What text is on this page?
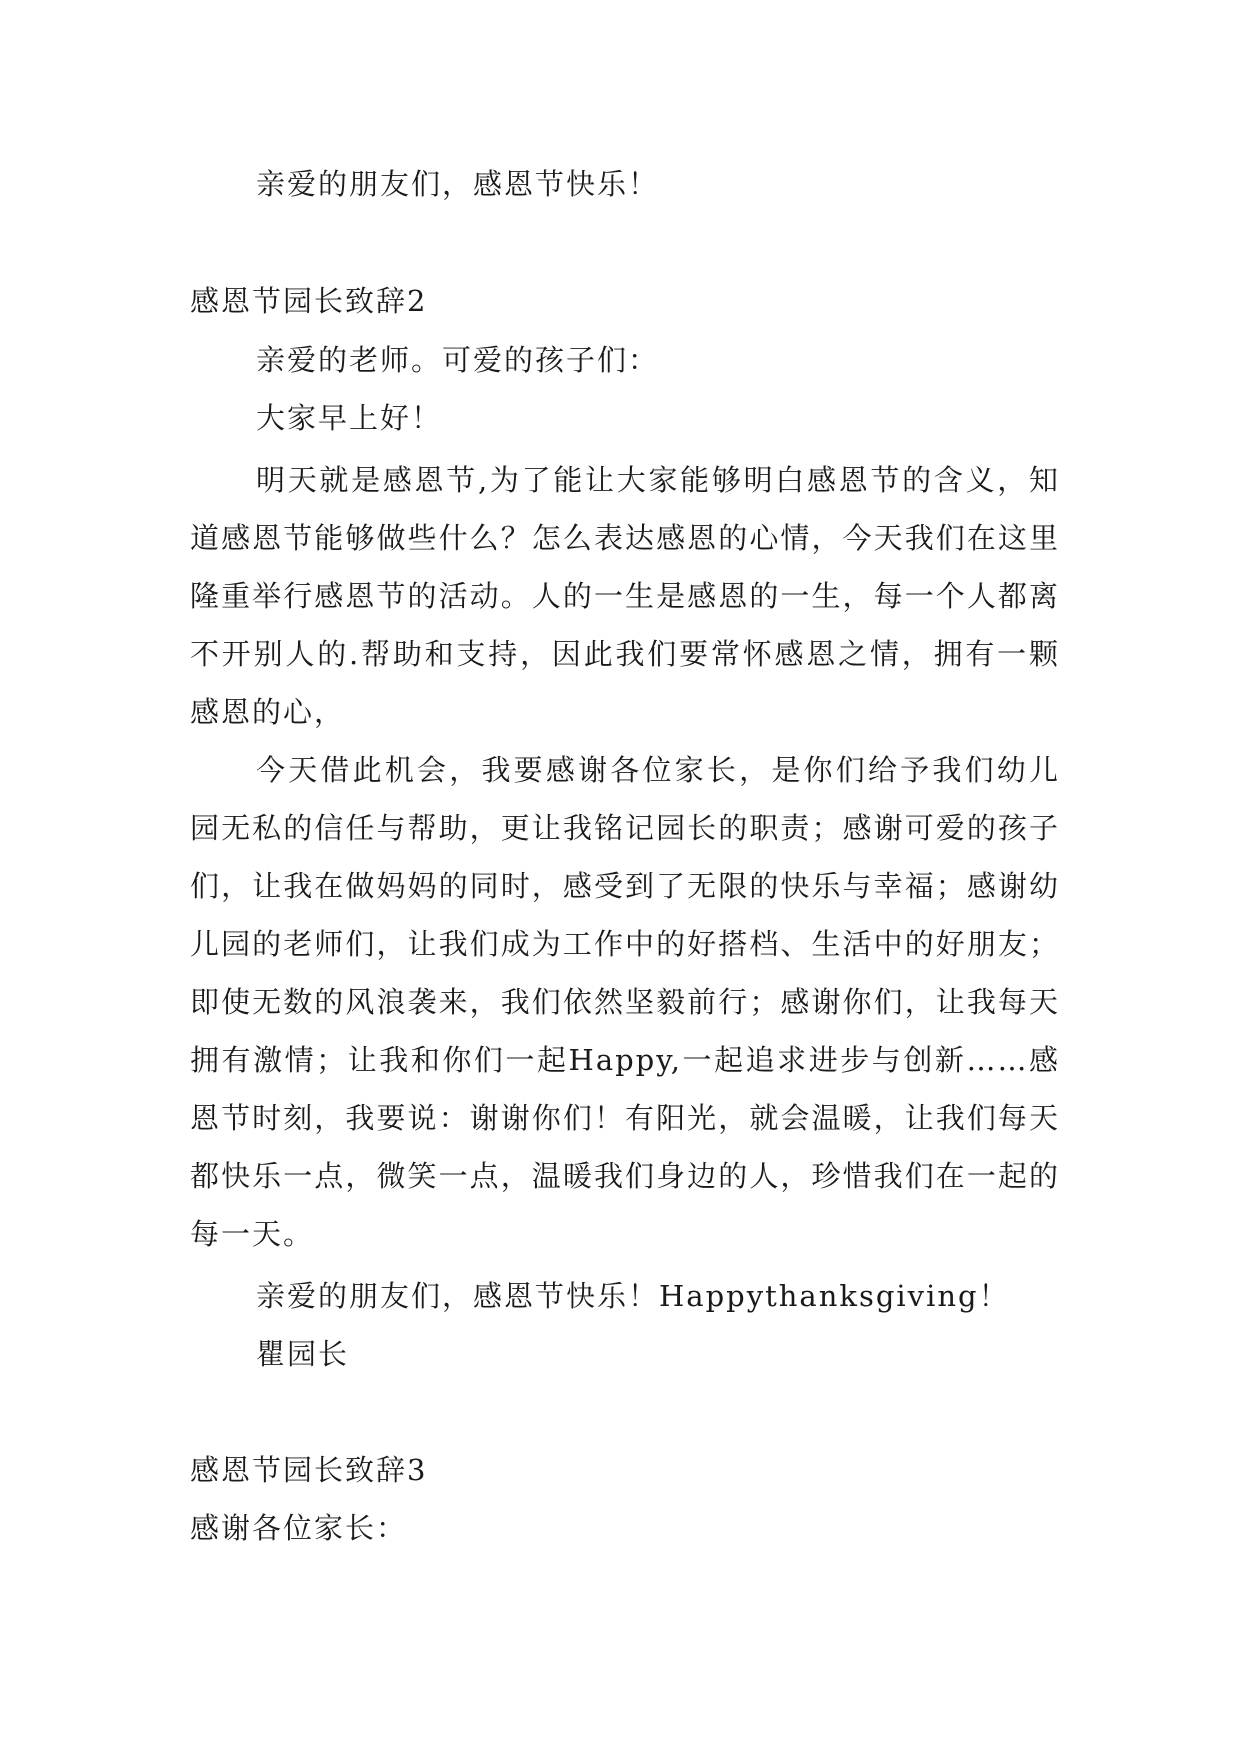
亲爱的朋友们，感恩节快乐！
感恩节园长致辞2
亲爱的老师。可爱的孩子们：
大家早上好！
明天就是感恩节,为了能让大家能够明白感恩节的含义，知道感恩节能够做些什么？怎么表达感恩的心情，今天我们在这里隆重举行感恩节的活动。人的一生是感恩的一生，每一个人都离不开别人的.帮助和支持，因此我们要常怀感恩之情，拥有一颗感恩的心，
今天借此机会，我要感谢各位家长，是你们给予我们幼儿园无私的信任与帮助，更让我铭记园长的职责；感谢可爱的孩子们，让我在做妈妈的同时，感受到了无限的快乐与幸福；感谢幼儿园的老师们，让我们成为工作中的好搭档、生活中的好朋友；即使无数的风浪袭来，我们依然坚毅前行；感谢你们，让我每天拥有激情；让我和你们一起Happy,一起追求进步与创新……感恩节时刻，我要说：谢谢你们！有阳光，就会温暖，让我们每天都快乐一点，微笑一点，温暖我们身边的人，珍惜我们在一起的每一天。
亲爱的朋友们，感恩节快乐！Happythanksgiving！
瞿园长
感恩节园长致辞3
感谢各位家长：
